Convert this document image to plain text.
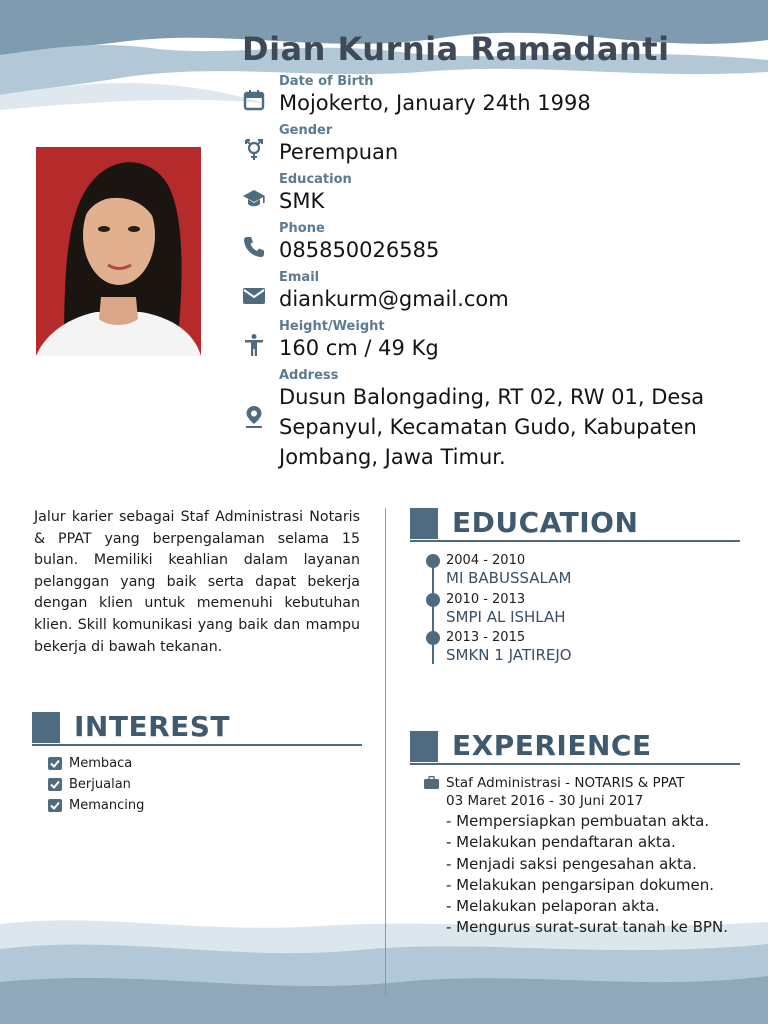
Dian Kurnia Ramadanti
Date of Birth
Mojokerto, January 24th 1998
Gender
Perempuan
Education
SMK
Phone
085850026585
Email
diankurm@gmail.com
Height/Weight
160 cm / 49 Kg
Address
Dusun Balongading, RT 02, RW 01, Desa Sepanyul, Kecamatan Gudo, Kabupaten Jombang, Jawa Timur.
Jalur karier sebagai Staf Administrasi Notaris & PPAT yang berpengalaman selama 15 bulan. Memiliki keahlian dalam layanan pelanggan yang baik serta dapat bekerja dengan klien untuk memenuhi kebutuhan klien. Skill komunikasi yang baik dan mampu bekerja di bawah tekanan.
EDUCATION
2004 - 2010
MI BABUSSALAM
2010 - 2013
SMPI AL ISHLAH
2013 - 2015
SMKN 1 JATIREJO
INTEREST
Membaca
Berjualan
Memancing
EXPERIENCE
Staf Administrasi - NOTARIS & PPAT
03 Maret 2016 - 30 Juni 2017
- Mempersiapkan pembuatan akta.
- Melakukan pendaftaran akta.
- Menjadi saksi pengesahan akta.
- Melakukan pengarsipan dokumen.
- Melakukan pelaporan akta.
- Mengurus surat-surat tanah ke BPN.
